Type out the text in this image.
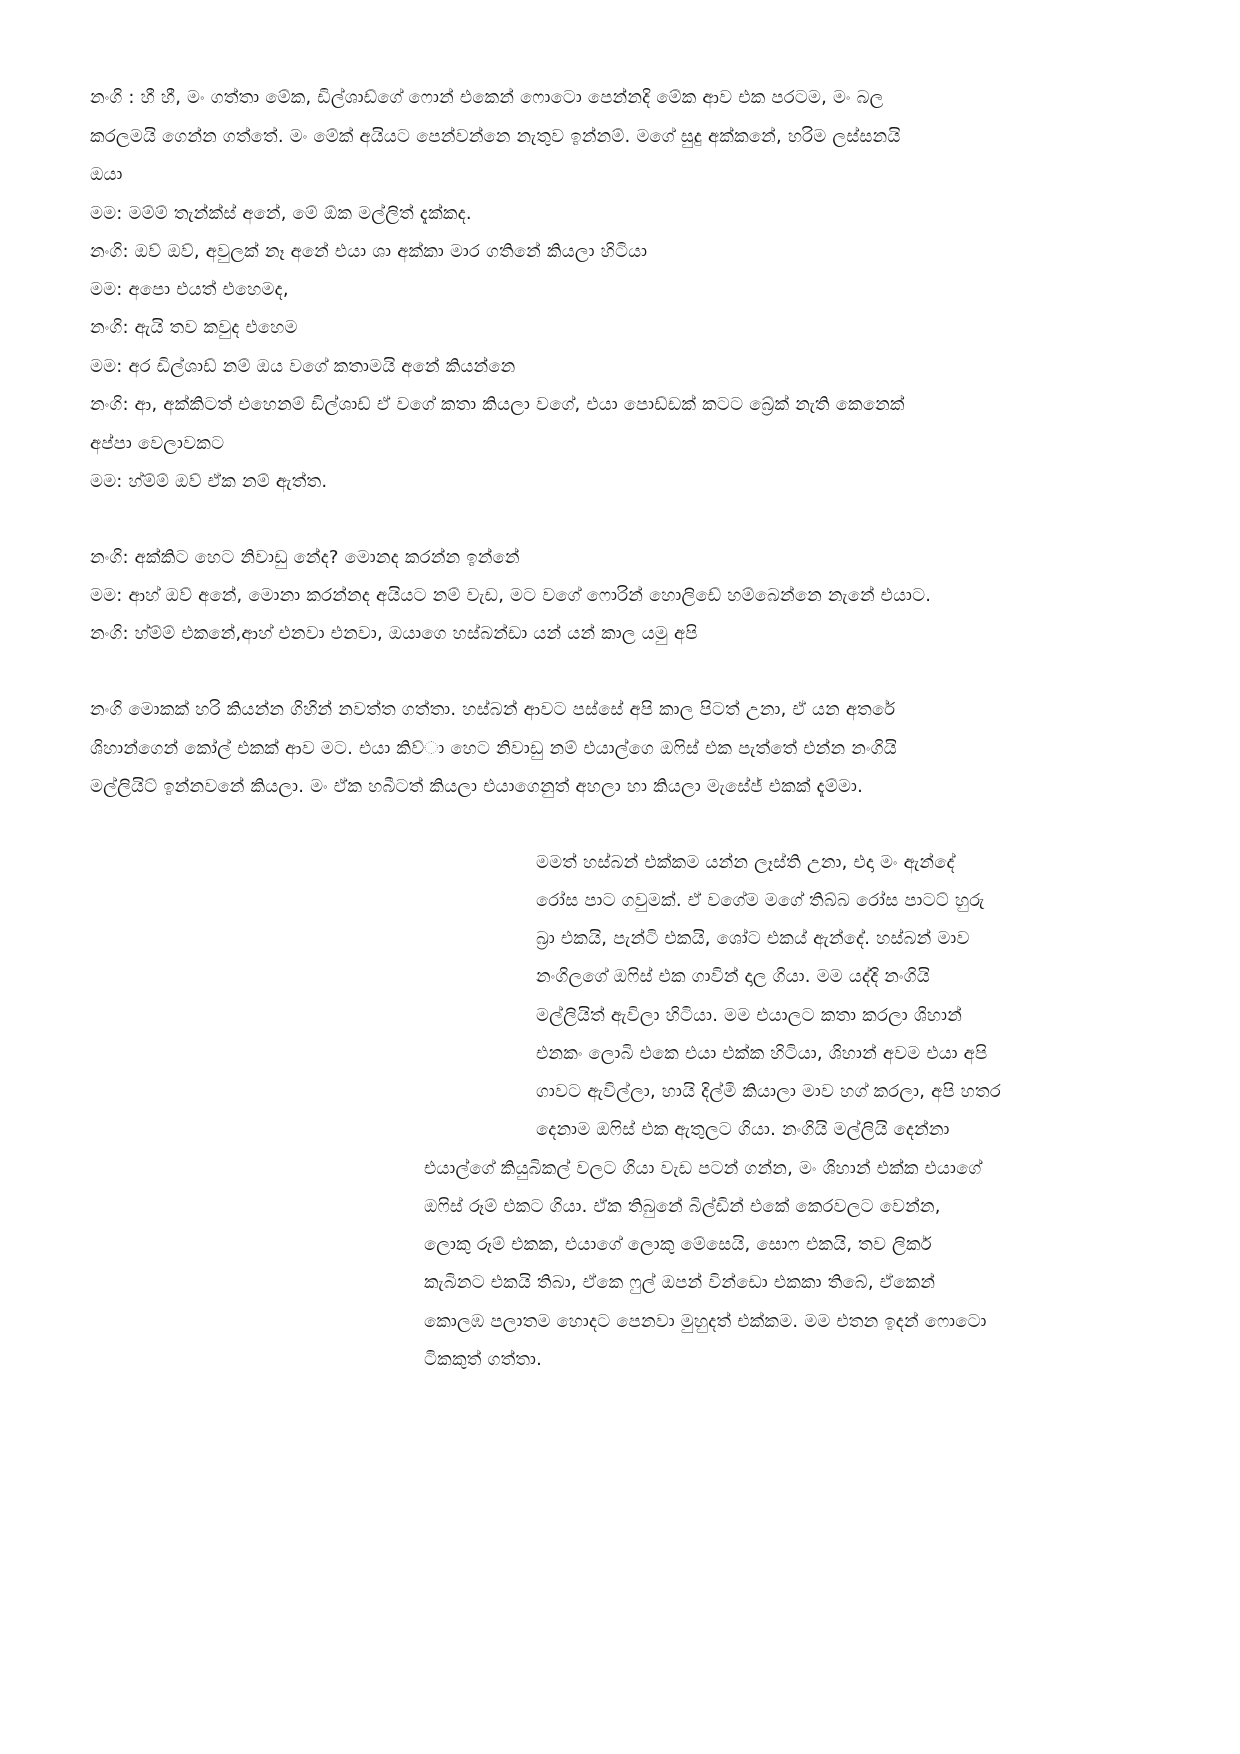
නංගි : හී හී, මං ගත්තා මේක, ඩිල්ශාඩ්ගේ ෆොන් එකෙන් ෆොටො පෙන්නදි මේක ආව එක පරටම, මං බල
කරලමයි ගෙන්න ගත්තේ. මං මේක් අයියට පෙන්වන්නෙ නැතුව ඉන්නම්. මගේ සුදු අක්කනේ, හරිම ලස්සනයි
ඔයා
මම: මම්ම් තැන්ක්ස් අනේ, මේ ඕක මල්ලිත් දැක්කද.
නංගි: ඔව් ඔව්, අවුලක් නෑ අනේ එයා ශා අක්කා මාර ගතිනේ කියලා හිටියා
මම: අපො එයත් එහෙමද,
නංගි: ඇයි තව කවුද එහෙම
මම: අර ඩිල්ශාඩ් නම් ඔය වගේ කතාමයි අනේ කියන්නෙ
නංගි: ආ, අක්කිටත් එහෙනම් ඩිල්ශාඩ් ඒ වගේ කතා කියලා වගේ, එයා පොඩ්ඩක් කටට බ්‍රේක් නැති කෙනෙක්
අප්පා වෙලාවකට
මම: හ්ම්ම් ඔව් ඒක නම් ඇත්ත.
නංගි: අක්කිට හෙට නිවාඩු නේද? මොනද කරන්න ඉන්නේ
මම: ආහ් ඔව් අනේ, මොනා කරන්නද අයියට නම් වැඩ, මට වගේ ෆොරින් හොලිඩේ හම්බෙන්නෙ නැනේ එයාට.
නංගි: හ්ම්ම් එකනේ,ආහ් එනවා එනවා, ඔයාගෙ හස්බන්ඩා යන් යන් කාල යමු අපි
නංගි මොකක් හරි කියන්න ගිහින් නවත්ත ගත්තා. හස්බන් ආවට පස්සේ අපි කාල පිටත් උනා, ඒ යන අතරේ
ශිහාන්ගෙන් කෝල් එකක් ආව මට. එයා කිව්ා හෙට නිවාඩු නම් එයාල්ගෙ ඔෆිස් එක පැත්තේ එන්න නංගියි
මල්ලියිට් ඉන්නවනේ කියලා. මං ඒක හබීටත් කියලා එයාගෙනුත් අහලා හා කියලා මැසේජ් එකක් දැම්මා.
මමත් හස්බන් එක්කම යන්න ලෑස්ති උනා, එදා මං ඇන්දේ
රෝස පාට ගවුමක්. ඒ වගේම මගේ තිබ්බ රෝස පාටට් හුරු
බ්‍රා එකයි, පැන්ටි එකයි, ශෝට එකය් ඇන්දේ. හස්බන් මාව
නංගිලගේ ඔෆිස් එක ගාවින් දාල ගියා. මම යද්දි නංගියි
මල්ලියිත් ඇවිලා හිටියා. මම එයාලට කතා කරලා ශිහාන්
එනකං ලොබි එකෙ එයා එක්ක හිටියා, ශිහාන් අවම එයා අපි
ගාවට ඇවිල්ලා, හායි දිල්මි කියාලා මාව හග් කරලා, අපි හතර
දෙනාම ඔෆිස් එක ඇතුලට ගියා. නංගියි මල්ලියි දෙන්නා
එයාල්ගේ කියුබිකල් වලට ගියා වැඩ පටන් ගන්න, මං ශිහාන් එක්ක එයාගේ
ඔෆිස් රූම් එකට ගියා. ඒක තිබුනේ බිල්ඩින් එකේ කෙරවලට වෙන්න,
ලොකු රූම් එකක, එයාගේ ලොකු මේසෙයි, සොෆ එකයි, තව ලිකර්
කැබිනට එකයි තිබා, ඒකෙ ෆුල් ඔපන් වින්ඩො එකකා තිබේ, ඒකෙන්
කොලඹ පලාතම හොදට පෙනවා මුහුදත් එක්කම. මම එතන ඉදන් ෆොටො
ටිකකුත් ගත්තා.
